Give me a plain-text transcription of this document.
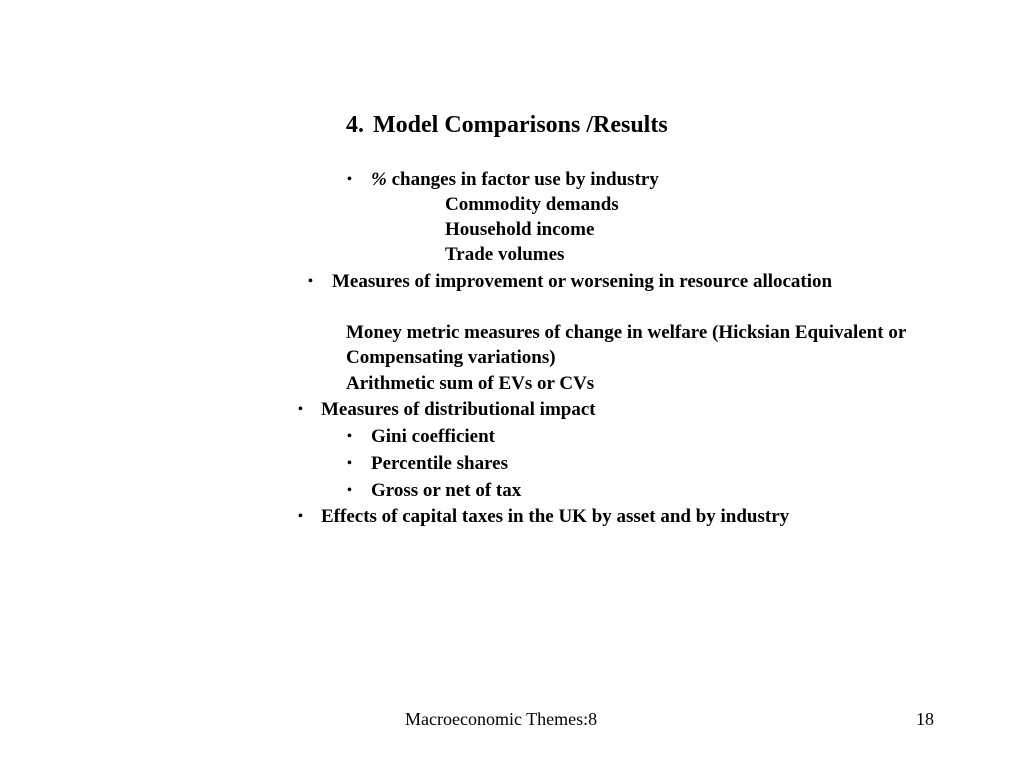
4. Model Comparisons /Results
• % changes in factor use by industry
Commodity demands
Household income
Trade volumes
• Measures of improvement or worsening in resource allocation
Money metric measures of change in welfare (Hicksian Equivalent or
Compensating variations)
Arithmetic sum of EVs or CVs
• Measures of distributional impact
• Gini coefficient
• Percentile shares
• Gross or net of tax
• Effects of capital taxes in the UK by asset and by industry
Macroeconomic Themes:8	18
